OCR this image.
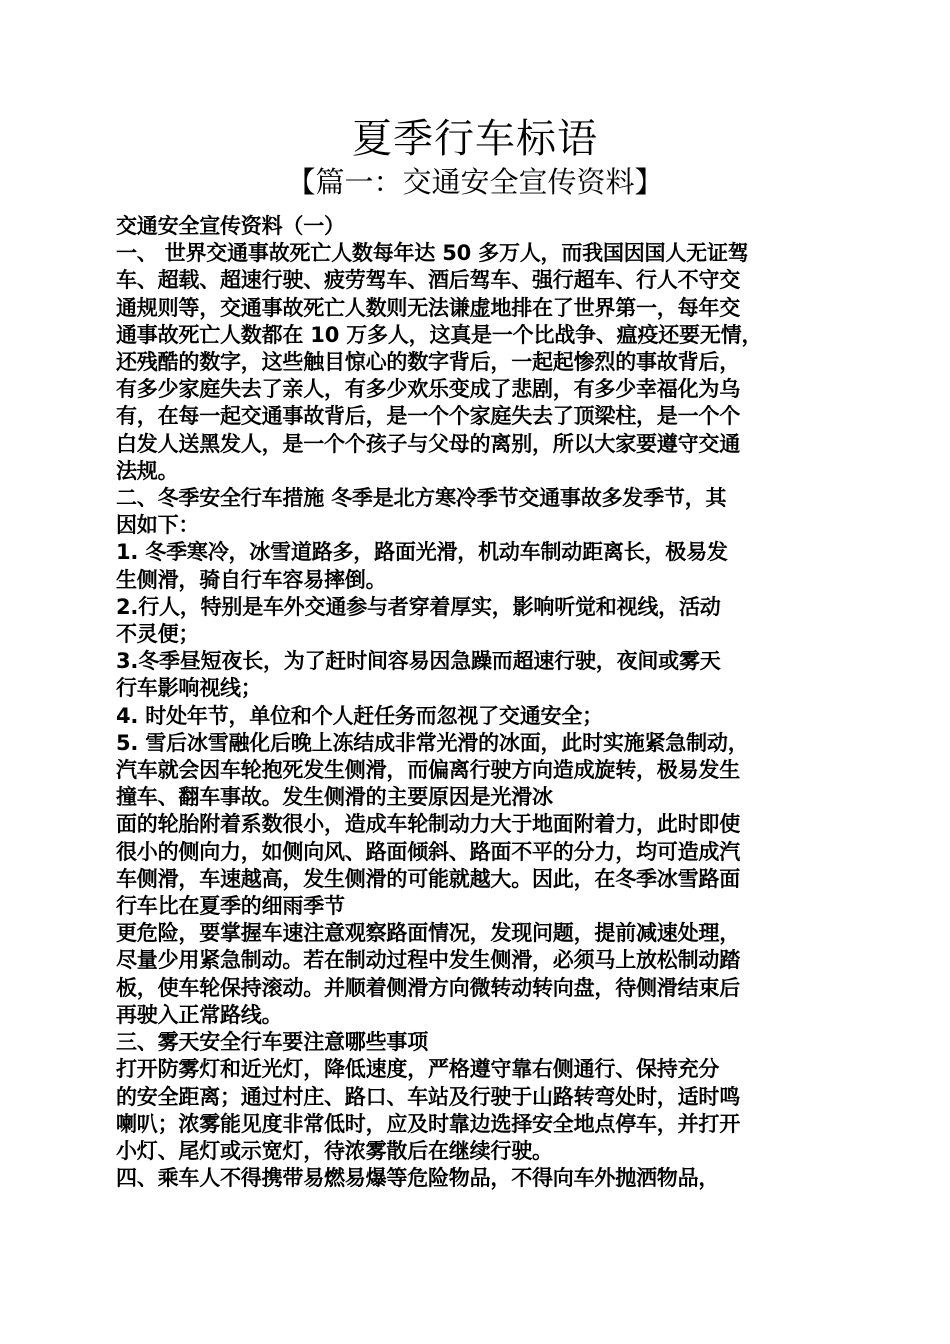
夏季行车标语
【篇一：交通安全宣传资料】
交通安全宣传资料（一）
一、 世界交通事故死亡人数每年达 50 多万人，而我国因国人无证驾
车、超载、超速行驶、疲劳驾车、酒后驾车、强行超车、行人不守交
通规则等，交通事故死亡人数则无法谦虚地排在了世界第一，每年交
通事故死亡人数都在 10 万多人，这真是一个比战争、瘟疫还要无情，
还残酷的数字，这些触目惊心的数字背后，一起起惨烈的事故背后，
有多少家庭失去了亲人，有多少欢乐变成了悲剧，有多少幸福化为乌
有，在每一起交通事故背后，是一个个家庭失去了顶梁柱，是一个个
白发人送黑发人，是一个个孩子与父母的离别，所以大家要遵守交通
法规。
二、冬季安全行车措施 冬季是北方寒冷季节交通事故多发季节，其
因如下：
1. 冬季寒冷，冰雪道路多，路面光滑，机动车制动距离长，极易发
生侧滑，骑自行车容易摔倒。
2.行人，特别是车外交通参与者穿着厚实，影响听觉和视线，活动
不灵便；
3.冬季昼短夜长，为了赶时间容易因急躁而超速行驶，夜间或雾天
行车影响视线；
4. 时处年节，单位和个人赶任务而忽视了交通安全；
5. 雪后冰雪融化后晚上冻结成非常光滑的冰面，此时实施紧急制动，
汽车就会因车轮抱死发生侧滑，而偏离行驶方向造成旋转，极易发生
撞车、翻车事故。发生侧滑的主要原因是光滑冰
面的轮胎附着系数很小，造成车轮制动力大于地面附着力，此时即使
很小的侧向力，如侧向风、路面倾斜、路面不平的分力，均可造成汽
车侧滑，车速越高，发生侧滑的可能就越大。因此，在冬季冰雪路面
行车比在夏季的细雨季节
更危险，要掌握车速注意观察路面情况，发现问题，提前减速处理，
尽量少用紧急制动。若在制动过程中发生侧滑，必须马上放松制动踏
板，使车轮保持滚动。并顺着侧滑方向微转动转向盘，待侧滑结束后
再驶入正常路线。
三、雾天安全行车要注意哪些事项
打开防雾灯和近光灯，降低速度，严格遵守靠右侧通行、保持充分
的安全距离；通过村庄、路口、车站及行驶于山路转弯处时，适时鸣
喇叭；浓雾能见度非常低时，应及时靠边选择安全地点停车，并打开
小灯、尾灯或示宽灯，待浓雾散后在继续行驶。
四、乘车人不得携带易燃易爆等危险物品，不得向车外抛洒物品，
